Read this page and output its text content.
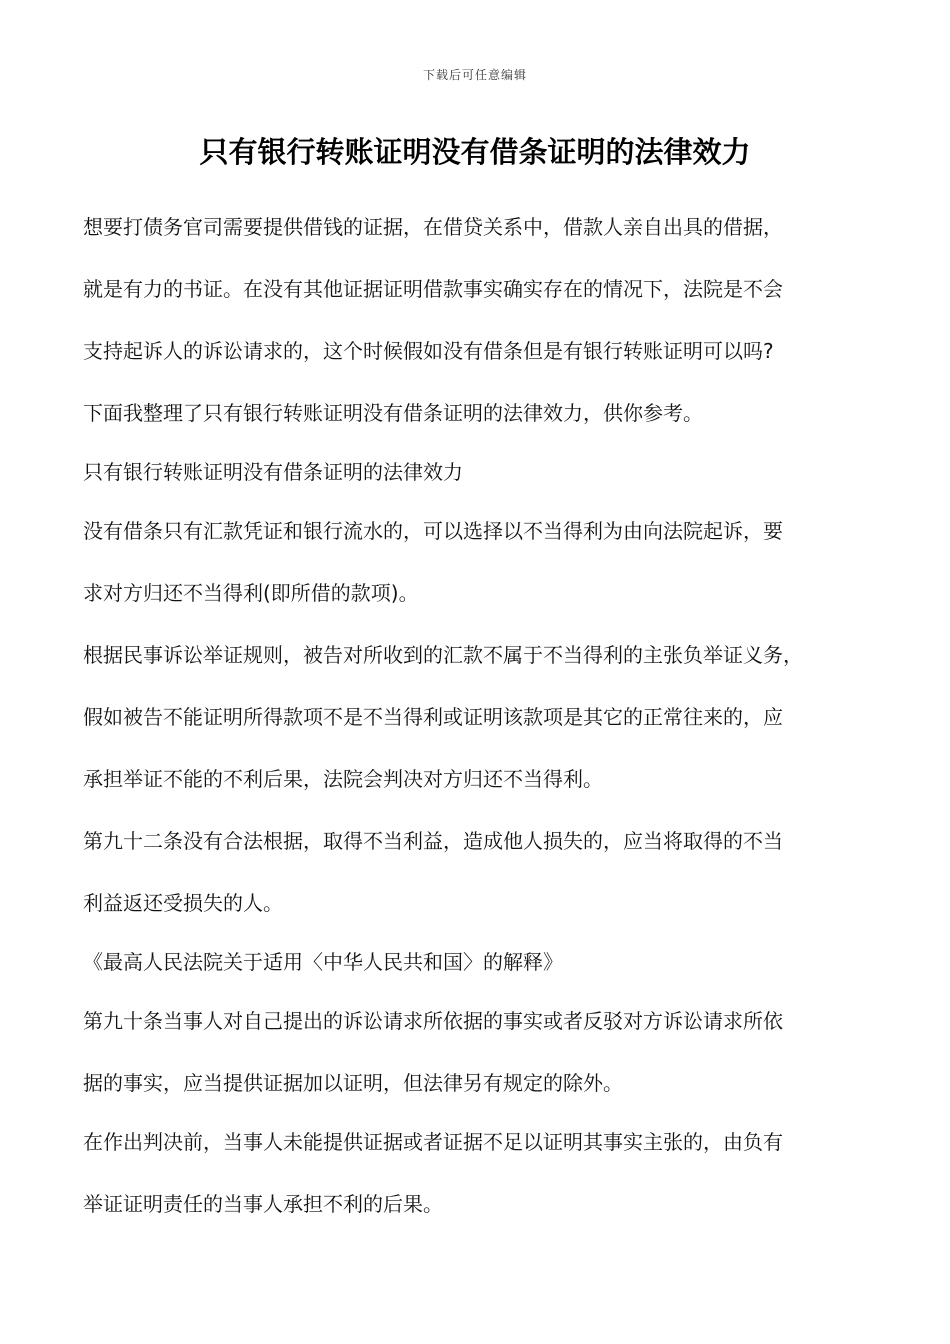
下载后可任意编辑
只有银行转账证明没有借条证明的法律效力
想要打债务官司需要提供借钱的证据，在借贷关系中，借款人亲自出具的借据，
就是有力的书证。在没有其他证据证明借款事实确实存在的情况下，法院是不会
支持起诉人的诉讼请求的，这个时候假如没有借条但是有银行转账证明可以吗?
下面我整理了只有银行转账证明没有借条证明的法律效力，供你参考。
只有银行转账证明没有借条证明的法律效力
没有借条只有汇款凭证和银行流水的，可以选择以不当得利为由向法院起诉，要
求对方归还不当得利(即所借的款项)。
根据民事诉讼举证规则，被告对所收到的汇款不属于不当得利的主张负举证义务，
假如被告不能证明所得款项不是不当得利或证明该款项是其它的正常往来的，应
承担举证不能的不利后果，法院会判决对方归还不当得利。
第九十二条没有合法根据，取得不当利益，造成他人损失的，应当将取得的不当
利益返还受损失的人。
《最高人民法院关于适用〈中华人民共和国〉的解释》
第九十条当事人对自己提出的诉讼请求所依据的事实或者反驳对方诉讼请求所依
据的事实，应当提供证据加以证明，但法律另有规定的除外。
在作出判决前，当事人未能提供证据或者证据不足以证明其事实主张的，由负有
举证证明责任的当事人承担不利的后果。
